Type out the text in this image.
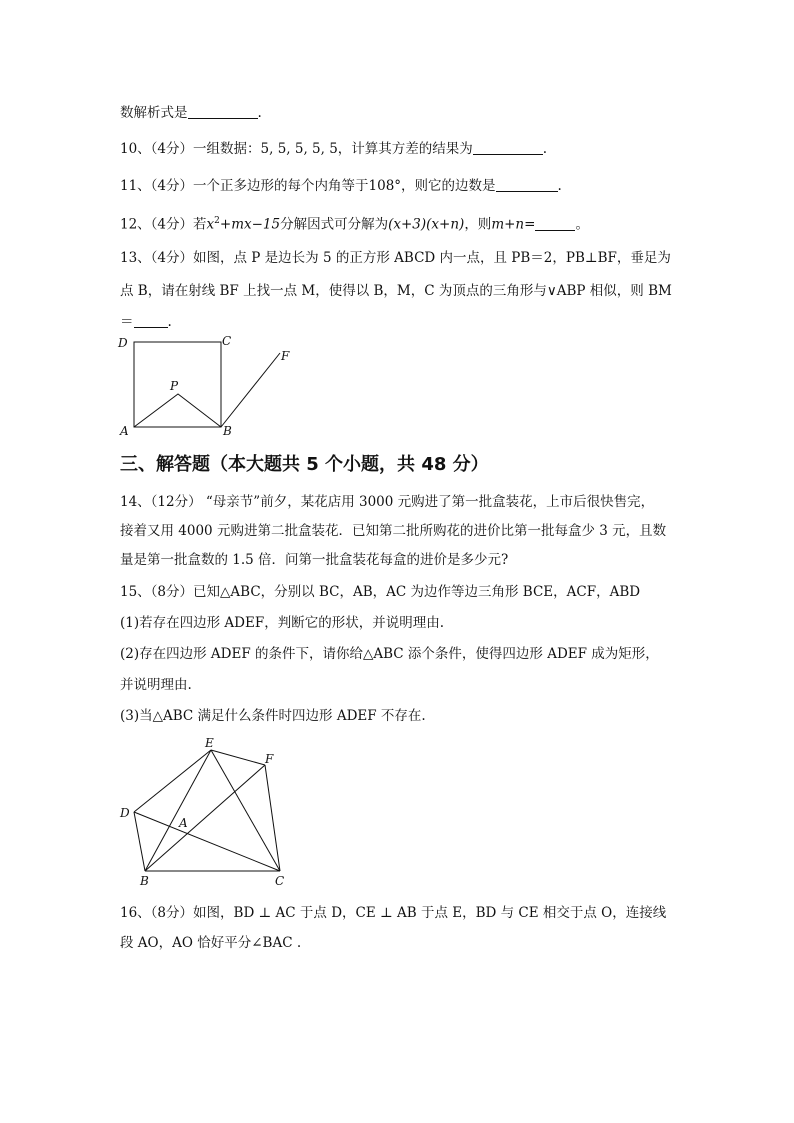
数解析式是	.
10、（4分）一组数据：5, 5, 5, 5, 5，计算其方差的结果为	.
11、（4分）一个正多边形的每个内角等于108°，则它的边数是	.
12、（4分）若$x^2+mx-15$分解因式可分解为(x+3)(x+n)，则m+n=	。
13、（4分）如图，点 P 是边长为 5 的正方形 ABCD 内一点，且 PB＝2，PB⊥BF，垂足为
点 B，请在射线 BF 上找一点 M，使得以 B，M，C 为顶点的三角形与∨ABP 相似，则 BM
＝	.
D	C
F
P
A	B
三、解答题（本大题共 5 个小题，共 48 分）
14、（12分） “母亲节”前夕，某花店用 3000 元购进了第一批盒装花，上市后很快售完，
接着又用 4000 元购进第二批盒装花．已知第二批所购花的进价比第一批每盒少 3 元，且数
量是第一批盒数的 1.5 倍．问第一批盒装花每盒的进价是多少元?
15、（8分）已知△ABC，分别以 BC，AB，AC 为边作等边三角形 BCE，ACF，ABD
(1)若存在四边形 ADEF，判断它的形状，并说明理由.
(2)存在四边形 ADEF 的条件下，请你给△ABC 添个条件，使得四边形 ADEF 成为矩形，
并说明理由.
(3)当△ABC 满足什么条件时四边形 ADEF 不存在.
E
F
D
A
B	C
16、（8分）如图，BD ⊥ AC 于点 D，CE ⊥ AB 于点 E，BD 与 CE 相交于点 O，连接线
段 AO，AO 恰好平分∠BAC .
